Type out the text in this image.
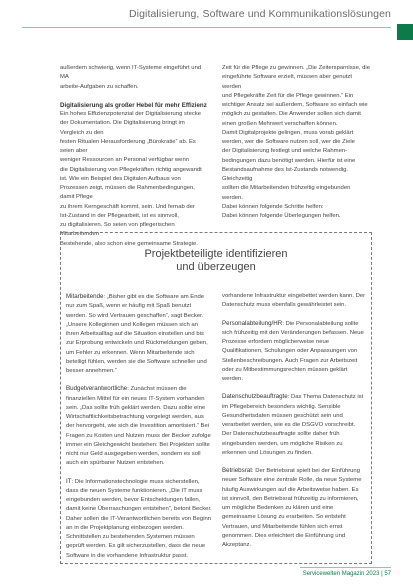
Digitalisierung, Software und Kommunikationslösungen

außerdem schwierig, wenn IT-Systeme eingeführt und MA

arbeite-Aufgaben zu schaffen.

Digitalisierung als großer Hebel für mehr Effizienz

Ein hohes Effizienzpotenzial der Digitalisierung stecke

der Dokumentation. Die Digitalisierung bringt im Vergleich zu den

festen Ritualen Herausforderung „Bürokratie“ ab. Es seien aber

weniger Ressourcen an Personal verfügbar wenn

die Digitalisierung von Pflegekräften richtig angewandt

ist. Wie ein Beispiel des Digitalen Aufbaus von

Prozessen zeigt, müssen die Rahmenbedingungen, damit Pflege

zu ihrem Kerngeschäft kommt, sein. Und fernab der

Ist-Zustand in der Pflegearbeit, ist es sinnvoll,

zu digitalisieren. So seien von pflegerischen Mitarbeitenden

Bestehende, also schon eine gemeinsame Strategie.

Zeit für die Pflege zu gewinnen. „Die Zeitersparnisse, die

eingeführte Software erzielt, müssen aber genutzt werden

und Pflegekräfte Zeit für die Pflege gewinnen.“ Ein

wichtiger Ansatz sei außerdem, Software so einfach wie

möglich zu gestalten. Die Anwender sollen sich damit

einen großen Mehrwert verschaffen können.

Damit Digitalprojekte gelingen, muss vorab geklärt

werden, wer die Software nutzen soll, wer die Ziele

der Digitalisierung festlegt und welche Rahmen-

bedingungen dazu benötigt werden. Hierfür ist eine

Bestandsaufnahme des Ist-Zustands notwendig. Gleichzeitig

sollten die Mitarbeitenden frühzeitig eingebunden werden.

Dabei können folgende Schritte helfen:

Dabei können folgende Überlegungen helfen.

Projektbeteiligte identifizieren
und überzeugen

Mitarbeitende: „Bisher gibt es die Software am Ende nur zum Spaß, wenn er häufig mit Spaß benutzt werden. So wird Vertrauen geschaffen“, sagt Becker. „Unsere Kolleginnen und Kollegen müssen sich an ihren Arbeitsalltag auf die Situation einstellen und bis zur Erprobung entwickeln und Rückmeldungen geben, um Fehler zu erkennen. Wenn Mitarbeitende sich beteiligt fühlen, werden sie die Software schneller und besser annehmen.“

Budgetverantwortliche: Zunächst müssen die finanziellen Mittel für ein neues IT-System vorhanden sein. „Das sollte früh geklärt werden. Dazu sollte eine Wirtschaftlichkeitsbetrachtung vorgelegt werden, aus der hervorgeht, wie sich die Investition amortisiert.“ Bei Fragen zu Kosten und Nutzen muss der Becker zufolge immer ein Gleichgewicht bestehen: Bei Projekten sollte nicht nur Geld ausgegeben werden, sondern es soll auch ein spürbarer Nutzen entstehen.

IT: Die Informationstechnologie muss sicherstellen, dass die neuen Systeme funktionieren. „Die IT muss eingebunden werden, bevor Entscheidungen fallen, damit keine Überraschungen entstehen“, betont Becker. Daher sollen die IT-Verantwortlichen bereits von Beginn an in die Projektplanung einbezogen werden. Schnittstellen zu bestehenden Systemen müssen geprüft werden. Es gilt sicherzustellen, dass die neue Software in die vorhandene Infrastruktur passt.

vorhandene Infrastruktur eingebettet werden kann. Der Datenschutz muss ebenfalls gewährleistet sein.

Personalabteilung/HR: Die Personalabteilung sollte sich frühzeitig mit den Veränderungen befassen. Neue Prozesse erfordern möglicherweise neue Qualifikationen, Schulungen oder Anpassungen von Stellenbeschreibungen. Auch Fragen zur Arbeitszeit oder zu Mitbestimmungsrechten müssen geklärt werden.

Datenschutzbeauftragte: Das Thema Datenschutz ist im Pflegebereich besonders wichtig. Sensible Gesundheitsdaten müssen geschützt sein und verarbeitet werden, wie es die DSGVO vorschreibt. Der Datenschutzbeauftragte sollte daher früh eingebunden werden, um mögliche Risiken zu erkennen und Lösungen zu finden.

Betriebsrat: Der Betriebsrat spielt bei der Einführung neuer Software eine zentrale Rolle, da neue Systeme häufig Auswirkungen auf die Arbeitsweise haben. Es ist sinnvoll, den Betriebsrat frühzeitig zu informieren, um mögliche Bedenken zu klären und eine gemeinsame Lösung zu erarbeiten. So entsteht Vertrauen, und Mitarbeitende fühlen sich ernst genommen. Dies erleichtert die Einführung und Akzeptanz.

Servicewelten Magazin 2023 | 57
